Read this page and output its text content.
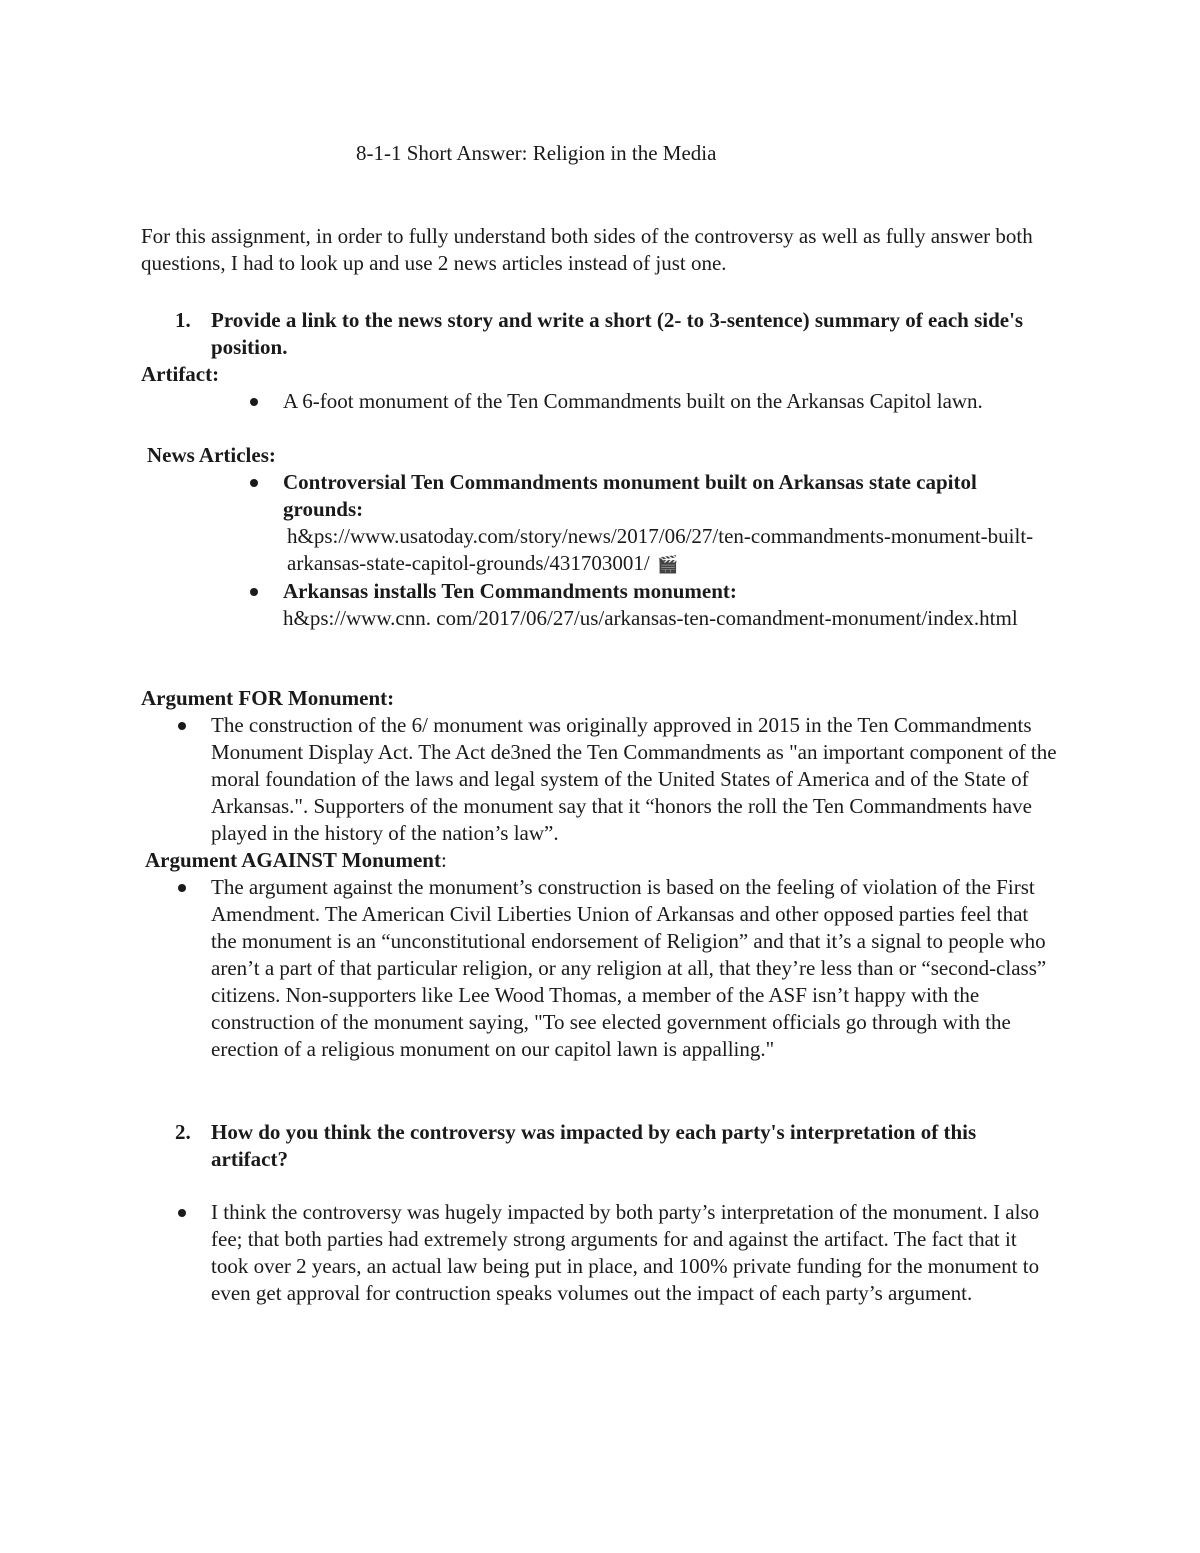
8-1-1 Short Answer: Religion in the Media
For this assignment, in order to fully understand both sides of the controversy as well as fully answer both questions, I had to look up and use 2 news articles instead of just one.
1. Provide a link to the news story and write a short (2- to 3-sentence) summary of each side's position.
Artifact:
A 6-foot monument of the Ten Commandments built on the Arkansas Capitol lawn.
News Articles:
Controversial Ten Commandments monument built on Arkansas state capitol grounds:
h&ps://www.usatoday.com/story/news/2017/06/27/ten-commandments-monument-built-arkansas-state-capitol-grounds/431703001/ 🎬
Arkansas installs Ten Commandments monument:
h&ps://www.cnn. com/2017/06/27/us/arkansas-ten-comandment-monument/index.html
Argument FOR Monument:
The construction of the 6/ monument was originally approved in 2015 in the Ten Commandments Monument Display Act. The Act de3ned the Ten Commandments as "an important component of the moral foundation of the laws and legal system of the United States of America and of the State of Arkansas.". Supporters of the monument say that it “honors the roll the Ten Commandments have played in the history of the nation’s law”.
Argument AGAINST Monument:
The argument against the monument’s construction is based on the feeling of violation of the First Amendment. The American Civil Liberties Union of Arkansas and other opposed parties feel that the monument is an “unconstitutional endorsement of Religion” and that it’s a signal to people who aren’t a part of that particular religion, or any religion at all, that they’re less than or “second-class” citizens. Non-supporters like Lee Wood Thomas, a member of the ASF isn’t happy with the construction of the monument saying, "To see elected government officials go through with the erection of a religious monument on our capitol lawn is appalling."
2. How do you think the controversy was impacted by each party's interpretation of this artifact?
I think the controversy was hugely impacted by both party’s interpretation of the monument. I also fee; that both parties had extremely strong arguments for and against the artifact. The fact that it took over 2 years, an actual law being put in place, and 100% private funding for the monument to even get approval for contruction speaks volumes out the impact of each party’s argument.
